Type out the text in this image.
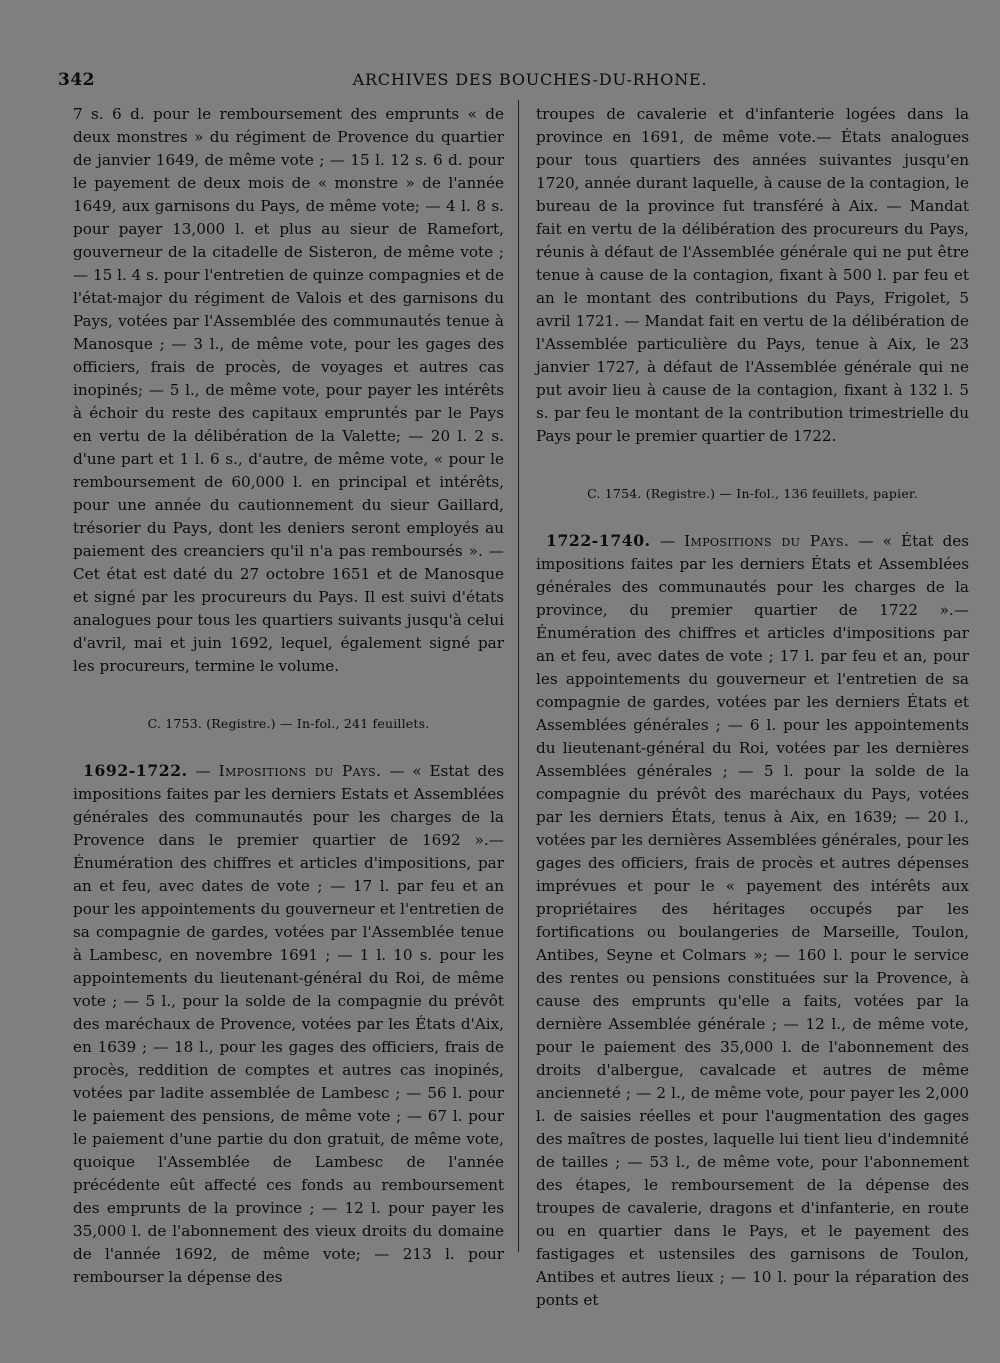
342	ARCHIVES DES BOUCHES-DU-RHONE.

7 s. 6 d. pour le remboursement des emprunts « de deux monstres » du régiment de Provence du quartier de janvier 1649, de même vote ; — 15 l. 12 s. 6 d. pour le payement de deux mois de « monstre » de l'année 1649, aux garnisons du Pays, de même vote; — 4 l. 8 s. pour payer 13,000 l. et plus au sieur de Ramefort, gouverneur de la citadelle de Sisteron, de même vote ; — 15 l. 4 s. pour l'entretien de quinze compagnies et de l'état-major du régiment de Valois et des garnisons du Pays, votées par l'Assemblée des communautés tenue à Manosque ; — 3 l., de même vote, pour les gages des officiers, frais de procès, de voyages et autres cas inopinés; — 5 l., de même vote, pour payer les intérêts à échoir du reste des capitaux empruntés par le Pays en vertu de la délibération de la Valette; — 20 l. 2 s. d'une part et 1 l. 6 s., d'autre, de même vote, « pour le remboursement de 60,000 l. en principal et intérêts, pour une année du cautionnement du sieur Gaillard, trésorier du Pays, dont les deniers seront employés au paiement des creanciers qu'il n'a pas remboursés ». — Cet état est daté du 27 octobre 1651 et de Manosque et signé par les procureurs du Pays. Il est suivi d'états analogues pour tous les quartiers suivants jusqu'à celui d'avril, mai et juin 1692, lequel, également signé par les procureurs, termine le volume.

C. 1753. (Registre.) — In-fol., 241 feuillets.

1692-1722. — Impositions du Pays. — « Estat des impositions faites par les derniers Estats et Assemblées générales des communautés pour les charges de la Provence dans le premier quartier de 1692 ».— Énumération des chiffres et articles d'impositions, par an et feu, avec dates de vote ; — 17 l. par feu et an pour les appointements du gouverneur et l'entretien de sa compagnie de gardes, votées par l'Assemblée tenue à Lambesc, en novembre 1691 ; — 1 l. 10 s. pour les appointements du lieutenant-général du Roi, de même vote ; — 5 l., pour la solde de la compagnie du prévôt des maréchaux de Provence, votées par les États d'Aix, en 1639 ; — 18 l., pour les gages des officiers, frais de procès, reddition de comptes et autres cas inopinés, votées par ladite assemblée de Lambesc ; — 56 l. pour le paiement des pensions, de même vote ; — 67 l. pour le paiement d'une partie du don gratuit, de même vote, quoique l'Assemblée de Lambesc de l'année précédente eût affecté ces fonds au remboursement des emprunts de la province ; — 12 l. pour payer les 35,000 l. de l'abonnement des vieux droits du domaine de l'année 1692, de même vote; — 213 l. pour rembourser la dépense des

troupes de cavalerie et d'infanterie logées dans la province en 1691, de même vote.— États analogues pour tous quartiers des années suivantes jusqu'en 1720, année durant laquelle, à cause de la contagion, le bureau de la province fut transféré à Aix. — Mandat fait en vertu de la délibération des procureurs du Pays, réunis à défaut de l'Assemblée générale qui ne put être tenue à cause de la contagion, fixant à 500 l. par feu et an le montant des contributions du Pays, Frigolet, 5 avril 1721. — Mandat fait en vertu de la délibération de l'Assemblée particulière du Pays, tenue à Aix, le 23 janvier 1727, à défaut de l'Assemblée générale qui ne put avoir lieu à cause de la contagion, fixant à 132 l. 5 s. par feu le montant de la contribution trimestrielle du Pays pour le premier quartier de 1722.

C. 1754. (Registre.) — In-fol., 136 feuillets, papier.

1722-1740. — Impositions du Pays. — « État des impositions faites par les derniers États et Assemblées générales des communautés pour les charges de la province, du premier quartier de 1722 ».— Énumération des chiffres et articles d'impositions par an et feu, avec dates de vote ; 17 l. par feu et an, pour les appointements du gouverneur et l'entretien de sa compagnie de gardes, votées par les derniers États et Assemblées générales ; — 6 l. pour les appointements du lieutenant-général du Roi, votées par les dernières Assemblées générales ; — 5 l. pour la solde de la compagnie du prévôt des maréchaux du Pays, votées par les derniers États, tenus à Aix, en 1639; — 20 l., votées par les dernières Assemblées générales, pour les gages des officiers, frais de procès et autres dépenses imprévues et pour le « payement des intérêts aux propriétaires des héritages occupés par les fortifications ou boulangeries de Marseille, Toulon, Antibes, Seyne et Colmars »; — 160 l. pour le service des rentes ou pensions constituées sur la Provence, à cause des emprunts qu'elle a faits, votées par la dernière Assemblée générale ; — 12 l., de même vote, pour le paiement des 35,000 l. de l'abonnement des droits d'albergue, cavalcade et autres de même ancienneté ; — 2 l., de même vote, pour payer les 2,000 l. de saisies réelles et pour l'augmentation des gages des maîtres de postes, laquelle lui tient lieu d'indemnité de tailles ; — 53 l., de même vote, pour l'abonnement des étapes, le remboursement de la dépense des troupes de cavalerie, dragons et d'infanterie, en route ou en quartier dans le Pays, et le payement des fastigages et ustensiles des garnisons de Toulon, Antibes et autres lieux ; — 10 l. pour la réparation des ponts et
